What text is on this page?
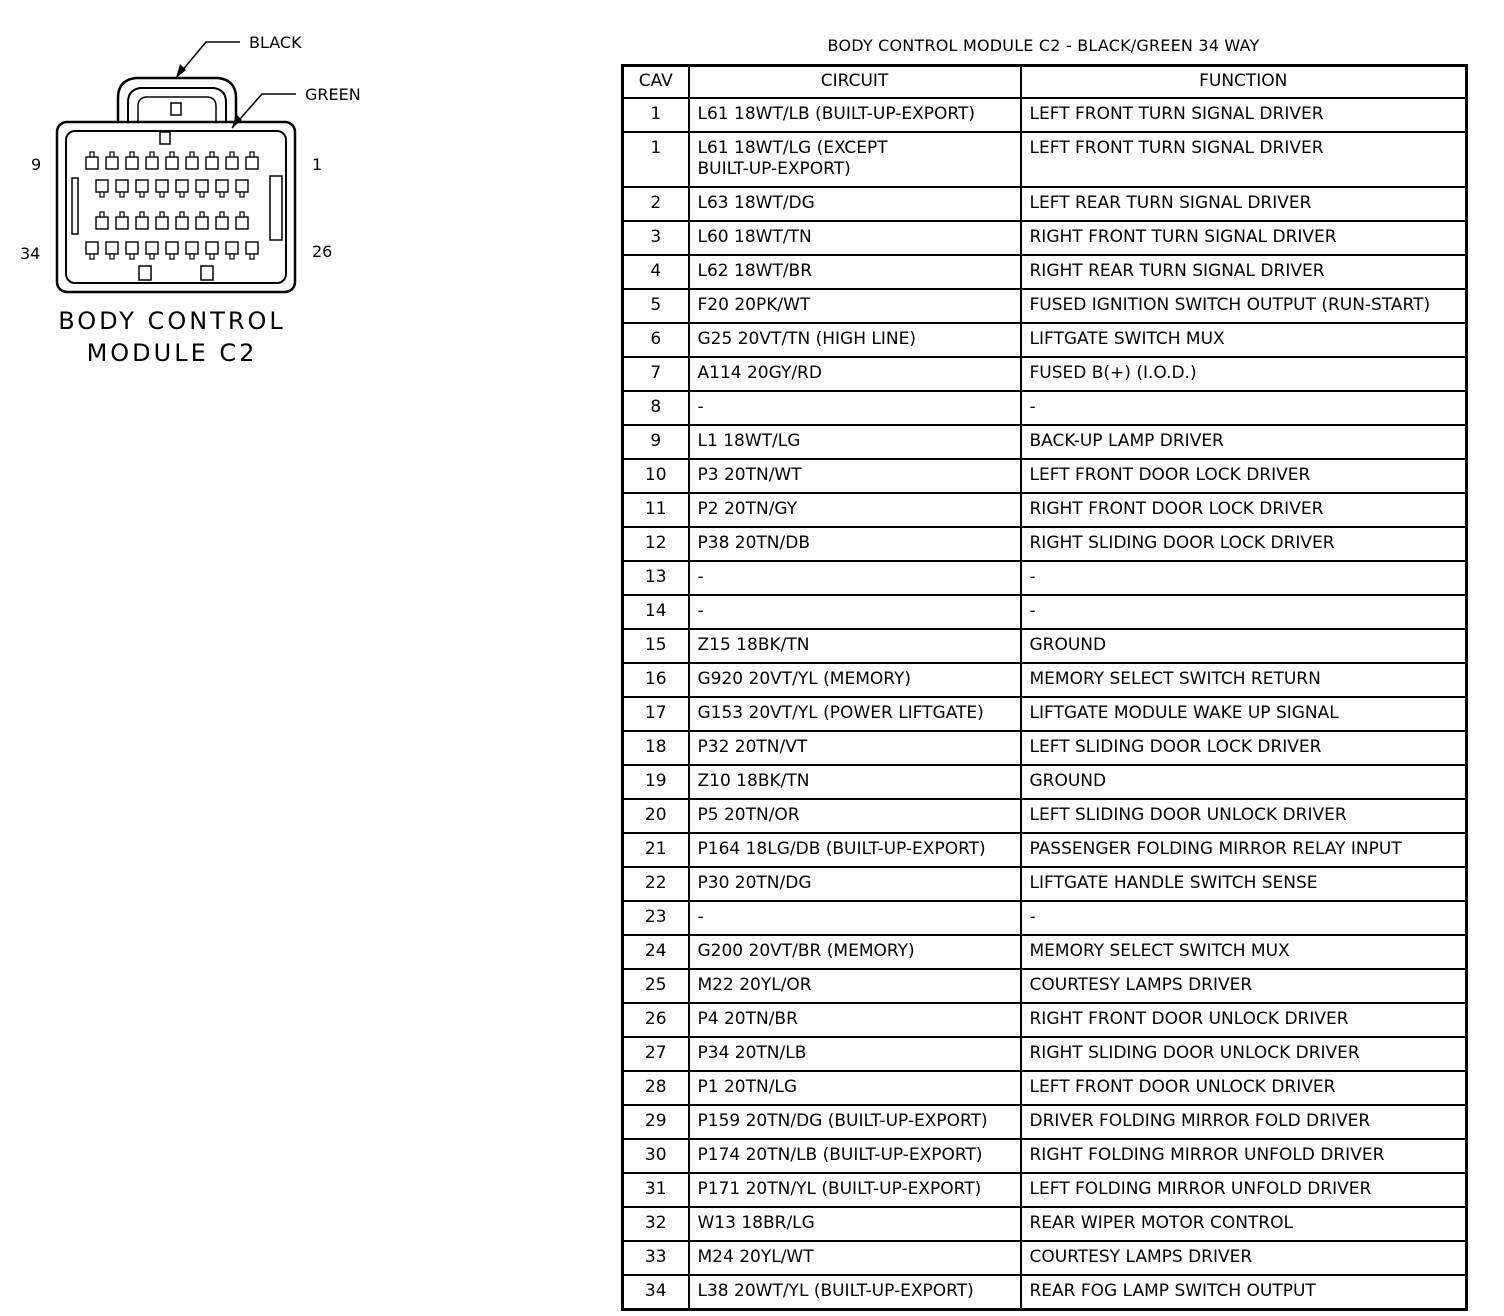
BLACK
GREEN
9	1
34	26
BODY CONTROL
MODULE C2
BODY CONTROL MODULE C2 - BLACK/GREEN 34 WAY
CAV	CIRCUIT	FUNCTION
1	L61 18WT/LB (BUILT-UP-EXPORT)	LEFT FRONT TURN SIGNAL DRIVER
1	L61 18WT/LG (EXCEPT
BUILT-UP-EXPORT)	LEFT FRONT TURN SIGNAL DRIVER
2	L63 18WT/DG	LEFT REAR TURN SIGNAL DRIVER
3	L60 18WT/TN	RIGHT FRONT TURN SIGNAL DRIVER
4	L62 18WT/BR	RIGHT REAR TURN SIGNAL DRIVER
5	F20 20PK/WT	FUSED IGNITION SWITCH OUTPUT (RUN-START)
6	G25 20VT/TN (HIGH LINE)	LIFTGATE SWITCH MUX
7	A114 20GY/RD	FUSED B(+) (I.O.D.)
8	-	-
9	L1 18WT/LG	BACK-UP LAMP DRIVER
10	P3 20TN/WT	LEFT FRONT DOOR LOCK DRIVER
11	P2 20TN/GY	RIGHT FRONT DOOR LOCK DRIVER
12	P38 20TN/DB	RIGHT SLIDING DOOR LOCK DRIVER
13	-	-
14	-	-
15	Z15 18BK/TN	GROUND
16	G920 20VT/YL (MEMORY)	MEMORY SELECT SWITCH RETURN
17	G153 20VT/YL (POWER LIFTGATE)	LIFTGATE MODULE WAKE UP SIGNAL
18	P32 20TN/VT	LEFT SLIDING DOOR LOCK DRIVER
19	Z10 18BK/TN	GROUND
20	P5 20TN/OR	LEFT SLIDING DOOR UNLOCK DRIVER
21	P164 18LG/DB (BUILT-UP-EXPORT)	PASSENGER FOLDING MIRROR RELAY INPUT
22	P30 20TN/DG	LIFTGATE HANDLE SWITCH SENSE
23	-	-
24	G200 20VT/BR (MEMORY)	MEMORY SELECT SWITCH MUX
25	M22 20YL/OR	COURTESY LAMPS DRIVER
26	P4 20TN/BR	RIGHT FRONT DOOR UNLOCK DRIVER
27	P34 20TN/LB	RIGHT SLIDING DOOR UNLOCK DRIVER
28	P1 20TN/LG	LEFT FRONT DOOR UNLOCK DRIVER
29	P159 20TN/DG (BUILT-UP-EXPORT)	DRIVER FOLDING MIRROR FOLD DRIVER
30	P174 20TN/LB (BUILT-UP-EXPORT)	RIGHT FOLDING MIRROR UNFOLD DRIVER
31	P171 20TN/YL (BUILT-UP-EXPORT)	LEFT FOLDING MIRROR UNFOLD DRIVER
32	W13 18BR/LG	REAR WIPER MOTOR CONTROL
33	M24 20YL/WT	COURTESY LAMPS DRIVER
34	L38 20WT/YL (BUILT-UP-EXPORT)	REAR FOG LAMP SWITCH OUTPUT
